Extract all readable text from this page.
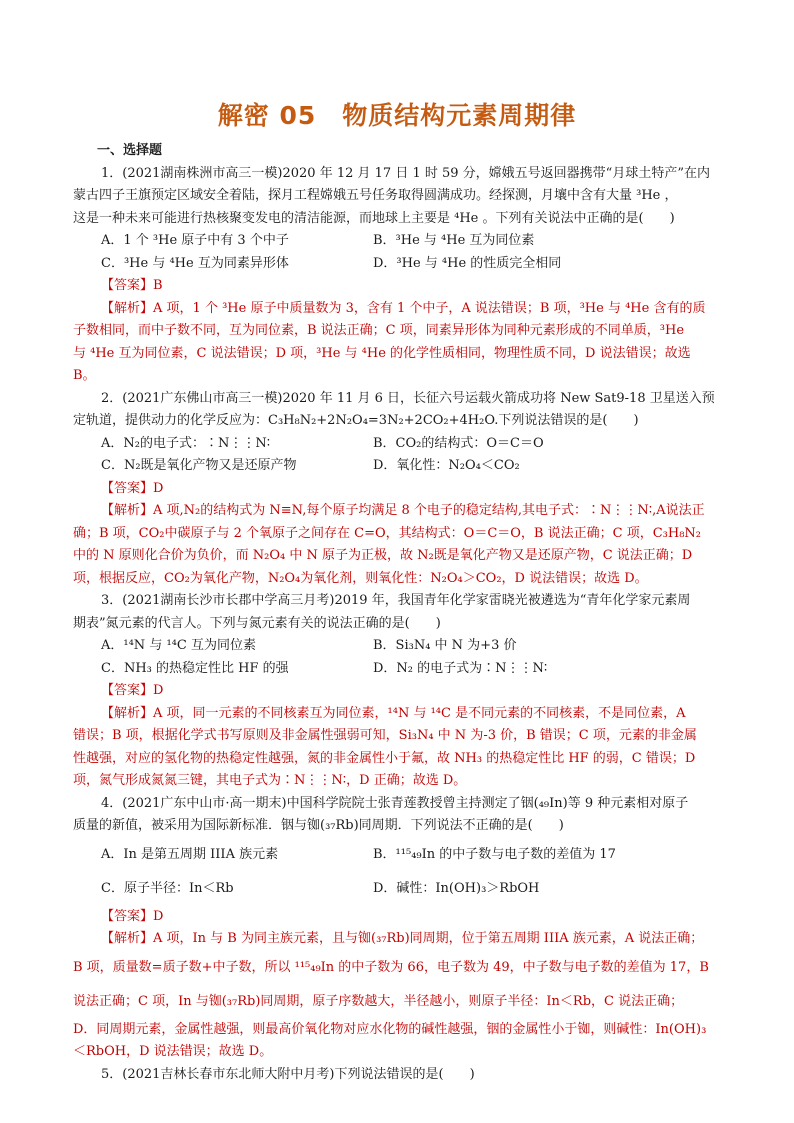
解密 05　物质结构元素周期律
一、选择题
1．(2021湖南株洲市高三一模)2020 年 12 月 17 日 1 时 59 分，嫦娥五号返回器携带“月球土特产”在内
蒙古四子王旗预定区域安全着陆，探月工程嫦娥五号任务取得圆满成功。经探测，月壤中含有大量 ³He ，
这是一种未来可能进行热核聚变发电的清洁能源，而地球上主要是 ⁴He 。下列有关说法中正确的是(　　)
A．1 个 ³He 原子中有 3 个中子	B．³He 与 ⁴He 互为同位素
C．³He 与 ⁴He 互为同素异形体	D．³He 与 ⁴He 的性质完全相同
【答案】B
【解析】A 项，1 个 ³He 原子中质量数为 3，含有 1 个中子，A 说法错误；B 项，³He 与 ⁴He 含有的质
子数相同，而中子数不同，互为同位素，B 说法正确；C 项，同素异形体为同种元素形成的不同单质，³He
与 ⁴He 互为同位素，C 说法错误；D 项，³He 与 ⁴He 的化学性质相同，物理性质不同，D 说法错误；故选
B。
2．(2021广东佛山市高三一模)2020 年 11 月 6 日，长征六号运载火箭成功将 New Sat9-18 卫星送入预
定轨道，提供动力的化学反应为：C₃H₈N₂+2N₂O₄=3N₂+2CO₂+4H₂O.下列说法错误的是(　　)
A．N₂的电子式：∶N⋮⋮N∶	B．CO₂的结构式：O＝C＝O
C．N₂既是氧化产物又是还原产物	D．氧化性：N₂O₄＜CO₂
【答案】D
【解析】A 项,N₂的结构式为 N≡N,每个原子均满足 8 个电子的稳定结构,其电子式：∶N⋮⋮N∶,A说法正
确；B 项，CO₂中碳原子与 2 个氧原子之间存在 C=O，其结构式：O＝C＝O，B 说法正确；C 项，C₃H₈N₂
中的 N 原则化合价为负价，而 N₂O₄ 中 N 原子为正极，故 N₂既是氧化产物又是还原产物，C 说法正确；D
项，根据反应，CO₂为氧化产物，N₂O₄为氧化剂，则氧化性：N₂O₄＞CO₂，D 说法错误；故选 D。
3．(2021湖南长沙市长郡中学高三月考)2019 年，我国青年化学家雷晓光被遴选为“青年化学家元素周
期表”氮元素的代言人。下列与氮元素有关的说法正确的是(　　)
A．¹⁴N 与 ¹⁴C 互为同位素	B．Si₃N₄ 中 N 为+3 价
C．NH₃ 的热稳定性比 HF 的强	D．N₂ 的电子式为∶N⋮⋮N∶
【答案】D
【解析】A 项，同一元素的不同核素互为同位素，¹⁴N 与 ¹⁴C 是不同元素的不同核素，不是同位素，A
错误；B 项，根据化学式书写原则及非金属性强弱可知，Si₃N₄ 中 N 为-3 价，B 错误；C 项，元素的非金属
性越强，对应的氢化物的热稳定性越强，氮的非金属性小于氟，故 NH₃ 的热稳定性比 HF 的弱，C 错误；D
项，氮气形成氮氮三键，其电子式为∶N⋮⋮N∶，D 正确；故选 D。
4．(2021广东中山市·高一期末)中国科学院院士张青莲教授曾主持测定了铟(₄₉In)等 9 种元素相对原子
质量的新值，被采用为国际新标准．铟与铷(₃₇Rb)同周期．下列说法不正确的是(　　)
A．In 是第五周期 IIIA 族元素	B．¹¹⁵₄₉In 的中子数与电子数的差值为 17
C．原子半径：In＜Rb	D．碱性：In(OH)₃＞RbOH
【答案】D
【解析】A 项，In 与 B 为同主族元素，且与铷(₃₇Rb)同周期，位于第五周期 IIIA 族元素，A 说法正确；
B 项，质量数=质子数+中子数，所以 ¹¹⁵₄₉In 的中子数为 66，电子数为 49，中子数与电子数的差值为 17，B
说法正确；C 项，In 与铷(₃₇Rb)同周期，原子序数越大，半径越小，则原子半径：In＜Rb，C 说法正确；
D．同周期元素，金属性越强，则最高价氧化物对应水化物的碱性越强，铟的金属性小于铷，则碱性：In(OH)₃
＜RbOH，D 说法错误；故选 D。
5．(2021吉林长春市东北师大附中月考)下列说法错误的是(　　)
